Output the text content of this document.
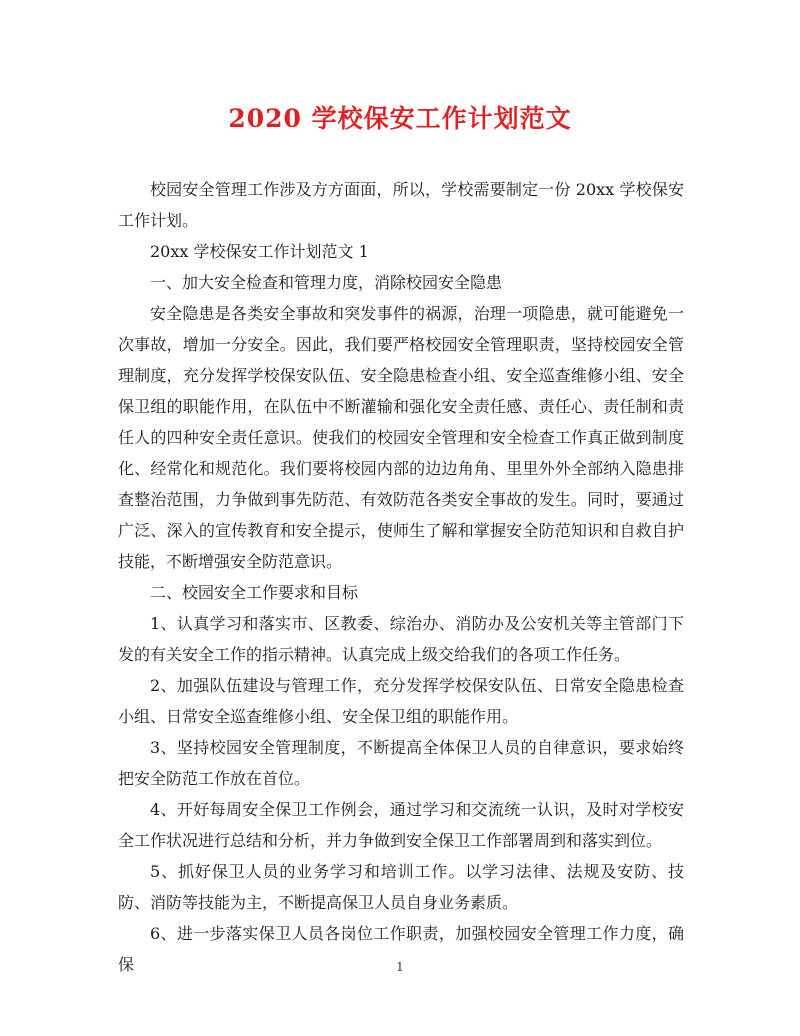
2020 学校保安工作计划范文

校园安全管理工作涉及方方面面，所以，学校需要制定一份 20xx 学校保安工作计划。

20xx 学校保安工作计划范文 1

一、加大安全检查和管理力度，消除校园安全隐患

安全隐患是各类安全事故和突发事件的祸源，治理一项隐患，就可能避免一次事故，增加一分安全。因此，我们要严格校园安全管理职责，坚持校园安全管理制度，充分发挥学校保安队伍、安全隐患检查小组、安全巡查维修小组、安全保卫组的职能作用，在队伍中不断灌输和强化安全责任感、责任心、责任制和责任人的四种安全责任意识。使我们的校园安全管理和安全检查工作真正做到制度化、经常化和规范化。我们要将校园内部的边边角角、里里外外全部纳入隐患排查整治范围，力争做到事先防范、有效防范各类安全事故的发生。同时，要通过广泛、深入的宣传教育和安全提示，使师生了解和掌握安全防范知识和自救自护技能，不断增强安全防范意识。

二、校园安全工作要求和目标

1、认真学习和落实市、区教委、综治办、消防办及公安机关等主管部门下发的有关安全工作的指示精神。认真完成上级交给我们的各项工作任务。

2、加强队伍建设与管理工作，充分发挥学校保安队伍、日常安全隐患检查小组、日常安全巡查维修小组、安全保卫组的职能作用。

3、坚持校园安全管理制度，不断提高全体保卫人员的自律意识，要求始终把安全防范工作放在首位。

4、开好每周安全保卫工作例会，通过学习和交流统一认识，及时对学校安全工作状况进行总结和分析，并力争做到安全保卫工作部署周到和落实到位。

5、抓好保卫人员的业务学习和培训工作。以学习法律、法规及安防、技防、消防等技能为主，不断提高保卫人员自身业务素质。

6、进一步落实保卫人员各岗位工作职责，加强校园安全管理工作力度，确保	1
